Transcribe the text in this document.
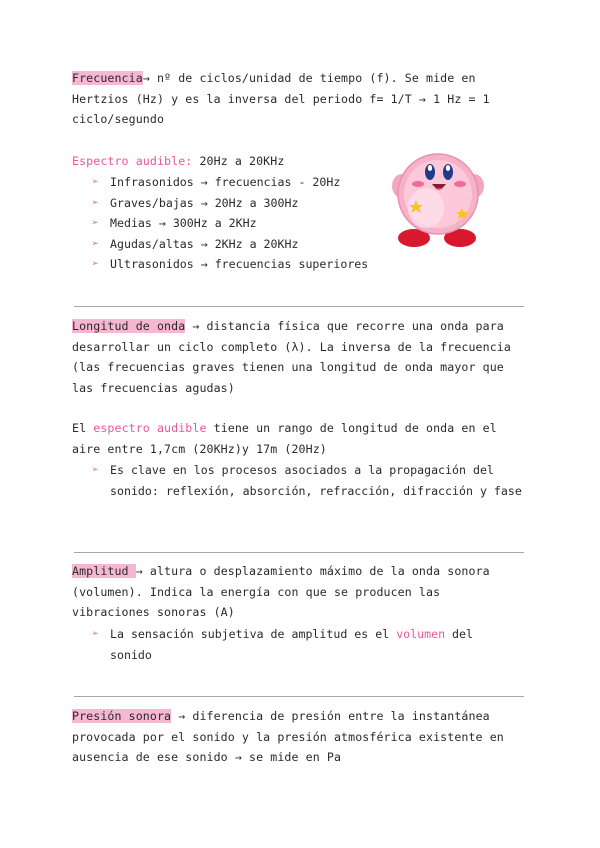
Frecuencia→ nº de ciclos/unidad de tiempo (f). Se mide en
Hertzios (Hz) y es la inversa del periodo f= 1/T → 1 Hz = 1
ciclo/segundo
Espectro audible: 20Hz a 20KHz
➢ Infrasonidos → frecuencias - 20Hz
➢ Graves/bajas → 20Hz a 300Hz
➢ Medias → 300Hz a 2KHz
➢ Agudas/altas → 2KHz a 20KHz
➢ Ultrasonidos → frecuencias superiores
Longitud de onda → distancia física que recorre una onda para
desarrollar un ciclo completo (λ). La inversa de la frecuencia
(las frecuencias graves tienen una longitud de onda mayor que
las frecuencias agudas)
El espectro audible tiene un rango de longitud de onda en el
aire entre 1,7cm (20KHz)y 17m (20Hz)
➢ Es clave en los procesos asociados a la propagación del sonido: reflexión, absorción, refracción, difracción y fase
Amplitud → altura o desplazamiento máximo de la onda sonora
(volumen). Indica la energía con que se producen las
vibraciones sonoras (A)
➢ La sensación subjetiva de amplitud es el volumen del
sonido
Presión sonora → diferencia de presión entre la instantánea
provocada por el sonido y la presión atmosférica existente en
ausencia de ese sonido → se mide en Pa
